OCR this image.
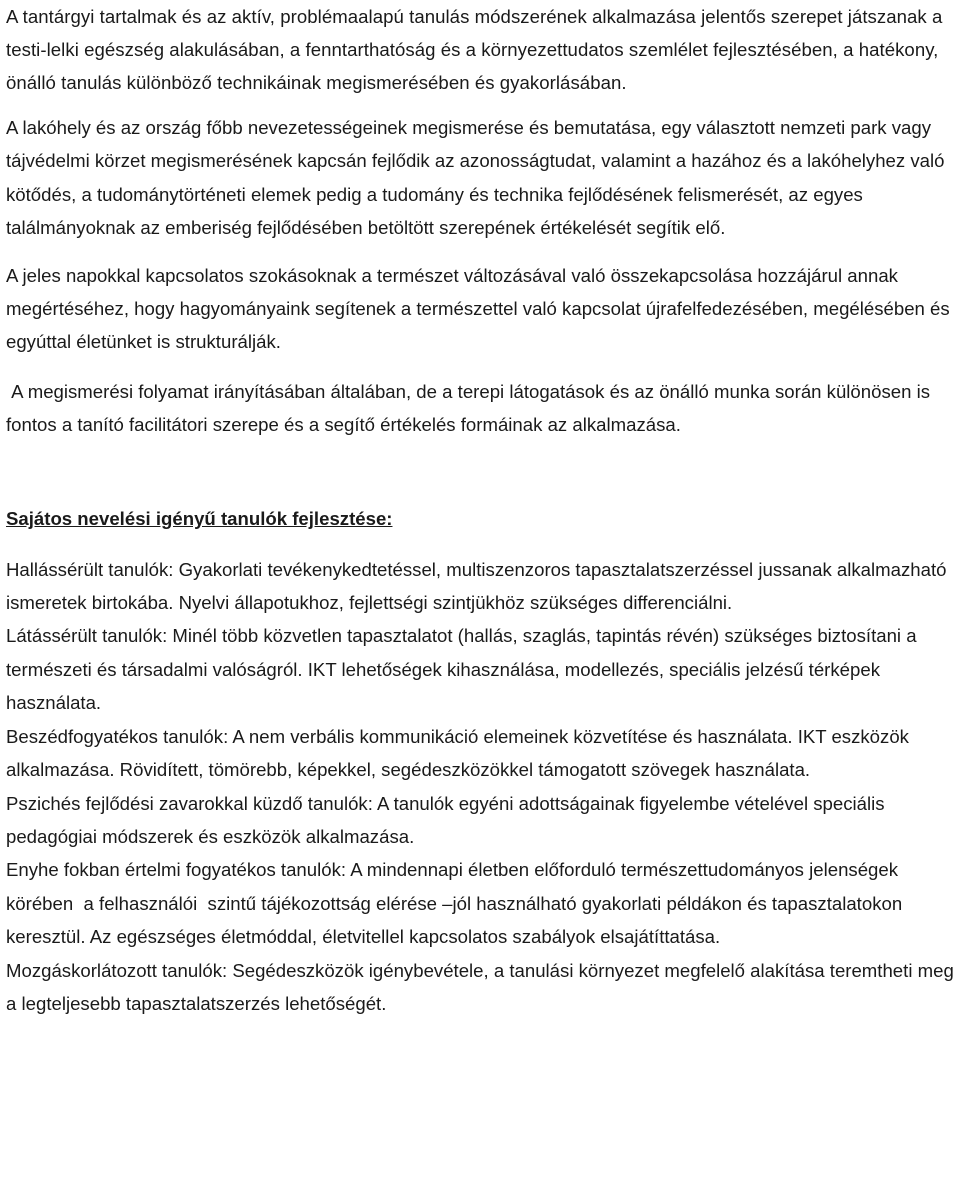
A tantárgyi tartalmak és az aktív, problémaalapú tanulás módszerének alkalmazása jelentős szerepet játszanak a testi-lelki egészség alakulásában, a fenntarthatóság és a környezettudatos szemlélet fejlesztésében, a hatékony, önálló tanulás különböző technikáinak megismerésében és gyakorlásában.

A lakóhely és az ország főbb nevezetességeinek megismerése és bemutatása, egy választott nemzeti park vagy tájvédelmi körzet megismerésének kapcsán fejlődik az azonosságtudat, valamint a hazához és a lakóhelyhez való kötődés, a tudománytörténeti elemek pedig a tudomány és technika fejlődésének felismerését, az egyes találmányoknak az emberiség fejlődésében betöltött szerepének értékelését segítik elő.

A jeles napokkal kapcsolatos szokásoknak a természet változásával való összekapcsolása hozzájárul annak megértéséhez, hogy hagyományaink segítenek a természettel való kapcsolat újrafelfedezésében, megélésében és egyúttal életünket is strukturálják.

A megismerési folyamat irányításában általában, de a terepi látogatások és az önálló munka során különösen is fontos a tanító facilitátori szerepe és a segítő értékelés formáinak az alkalmazása.

Sajátos nevelési igényű tanulók fejlesztése:

Hallássérült tanulók: Gyakorlati tevékenykedtetéssel, multiszenzoros tapasztalatszerzéssel jussanak alkalmazható ismeretek birtokába. Nyelvi állapotukhoz, fejlettségi szintjükhöz szükséges differenciálni.

Látássérült tanulók: Minél több közvetlen tapasztalatot (hallás, szaglás, tapintás révén) szükséges biztosítani a természeti és társadalmi valóságról. IKT lehetőségek kihasználása, modellezés, speciális jelzésű térképek használata.

Beszédfogyatékos tanulók: A nem verbális kommunikáció elemeinek közvetítése és használata. IKT eszközök alkalmazása. Rövidített, tömörebb, képekkel, segédeszközökkel támogatott szövegek használata.

Pszichés fejlődési zavarokkal küzdő tanulók: A tanulók egyéni adottságainak figyelembe vételével speciális pedagógiai módszerek és eszközök alkalmazása.

Enyhe fokban értelmi fogyatékos tanulók: A mindennapi életben előforduló természettudományos jelenségek körében  a felhasználói  szintű tájékozottság elérése –jól használható gyakorlati példákon és tapasztalatokon keresztül. Az egészséges életmóddal, életvitellel kapcsolatos szabályok elsajátíttatása.

Mozgáskorlátozott tanulók: Segédeszközök igénybevétele, a tanulási környezet megfelelő alakítása teremtheti meg a legteljesebb tapasztalatszerzés lehetőségét.
